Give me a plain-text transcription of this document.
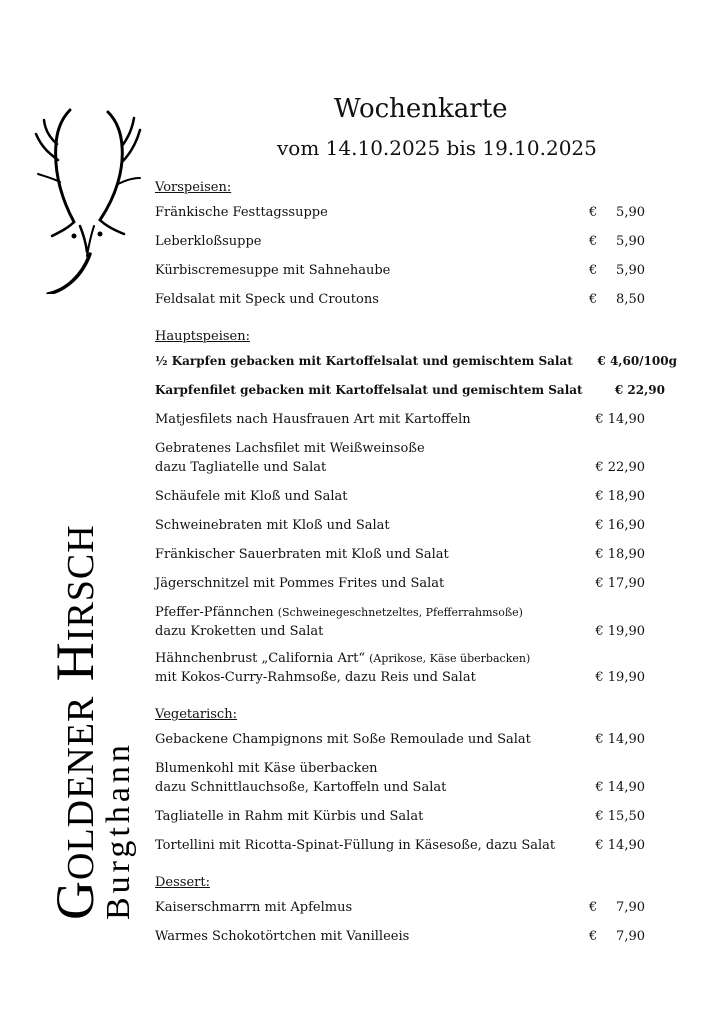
Goldener Hirsch
Burgthann
Wochenkarte
vom 14.10.2025 bis 19.10.2025
Vorspeisen:
Fränkische Festtagssuppe	€ 5,90
Leberkloßsuppe	€ 5,90
Kürbiscremesuppe mit Sahnehaube	€ 5,90
Feldsalat mit Speck und Croutons	€ 8,50
Hauptspeisen:
½ Karpfen gebacken mit Kartoffelsalat und gemischtem Salat	€ 4,60/100g
Karpfenfilet gebacken mit Kartoffelsalat und gemischtem Salat	€ 22,90
Matjesfilets nach Hausfrauen Art mit Kartoffeln	€ 14,90
Gebratenes Lachsfilet mit Weißweinsoße
dazu Tagliatelle und Salat	€ 22,90
Schäufele mit Kloß und Salat	€ 18,90
Schweinebraten mit Kloß und Salat	€ 16,90
Fränkischer Sauerbraten mit Kloß und Salat	€ 18,90
Jägerschnitzel mit Pommes Frites und Salat	€ 17,90
Pfeffer-Pfännchen (Schweinegeschnetzeltes, Pfefferrahmsoße)
dazu Kroketten und Salat	€ 19,90
Hähnchenbrust „California Art“ (Aprikose, Käse überbacken)
mit Kokos-Curry-Rahmsoße, dazu Reis und Salat	€ 19,90
Vegetarisch:
Gebackene Champignons mit Soße Remoulade und Salat	€ 14,90
Blumenkohl mit Käse überbacken
dazu Schnittlauchsoße, Kartoffeln und Salat	€ 14,90
Tagliatelle in Rahm mit Kürbis und Salat	€ 15,50
Tortellini mit Ricotta-Spinat-Füllung in Käsesoße, dazu Salat	€ 14,90
Dessert:
Kaiserschmarrn mit Apfelmus	€ 7,90
Warmes Schokotörtchen mit Vanilleeis	€ 7,90
